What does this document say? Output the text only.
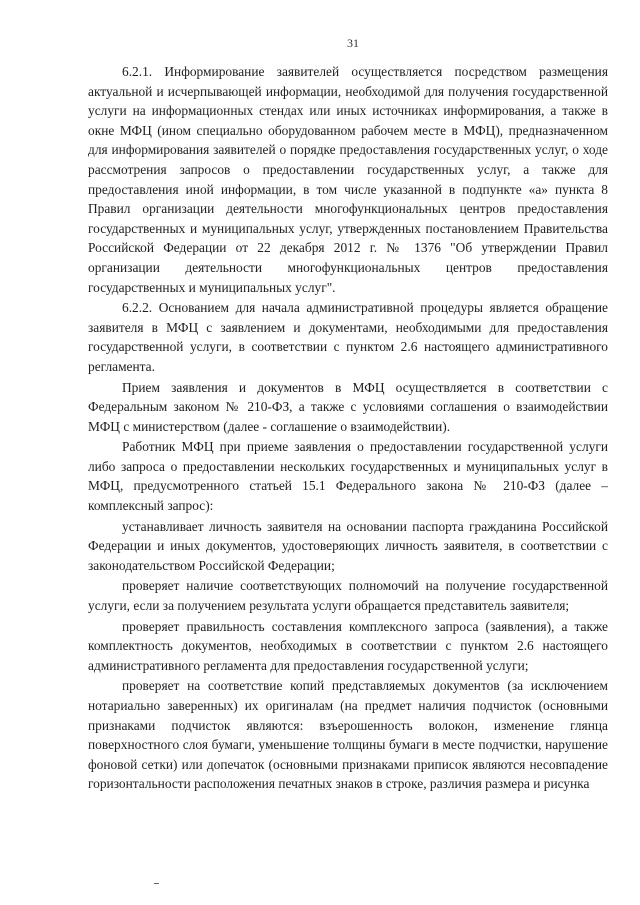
31

6.2.1. Информирование заявителей осуществляется посредством размещения актуальной и исчерпывающей информации, необходимой для получения государственной услуги на информационных стендах или иных источниках информирования, а также в окне МФЦ (ином специально оборудованном рабочем месте в МФЦ), предназначенном для информирования заявителей о порядке предоставления государственных услуг, о ходе рассмотрения запросов о предоставлении государственных услуг, а также для предоставления иной информации, в том числе указанной в подпункте «а» пункта 8 Правил организации деятельности многофункциональных центров предоставления государственных и муниципальных услуг, утвержденных постановлением Правительства Российской Федерации от 22 декабря 2012 г. № 1376 "Об утверждении Правил организации деятельности многофункциональных центров предоставления государственных и муниципальных услуг".

6.2.2. Основанием для начала административной процедуры является обращение заявителя в МФЦ с заявлением и документами, необходимыми для предоставления государственной услуги, в соответствии с пунктом 2.6 настоящего административного регламента.

Прием заявления и документов в МФЦ осуществляется в соответствии с Федеральным законом № 210-ФЗ, а также с условиями соглашения о взаимодействии МФЦ с министерством (далее - соглашение о взаимодействии).

Работник МФЦ при приеме заявления о предоставлении государственной услуги либо запроса о предоставлении нескольких государственных и муниципальных услуг в МФЦ, предусмотренного статьей 15.1 Федерального закона № 210-ФЗ (далее – комплексный запрос):

устанавливает личность заявителя на основании паспорта гражданина Российской Федерации и иных документов, удостоверяющих личность заявителя, в соответствии с законодательством Российской Федерации;

проверяет наличие соответствующих полномочий на получение государственной услуги, если за получением результата услуги обращается представитель заявителя;

проверяет правильность составления комплексного запроса (заявления), а также комплектность документов, необходимых в соответствии с пунктом 2.6 настоящего административного регламента для предоставления государственной услуги;

проверяет на соответствие копий представляемых документов (за исключением нотариально заверенных) их оригиналам (на предмет наличия подчисток (основными признаками подчисток являются: взъерошенность волокон, изменение глянца поверхностного слоя бумаги, уменьшение толщины бумаги в месте подчистки, нарушение фоновой сетки) или допечаток (основными признаками приписок являются несовпадение горизонтальности расположения печатных знаков в строке, различия размера и рисунка
